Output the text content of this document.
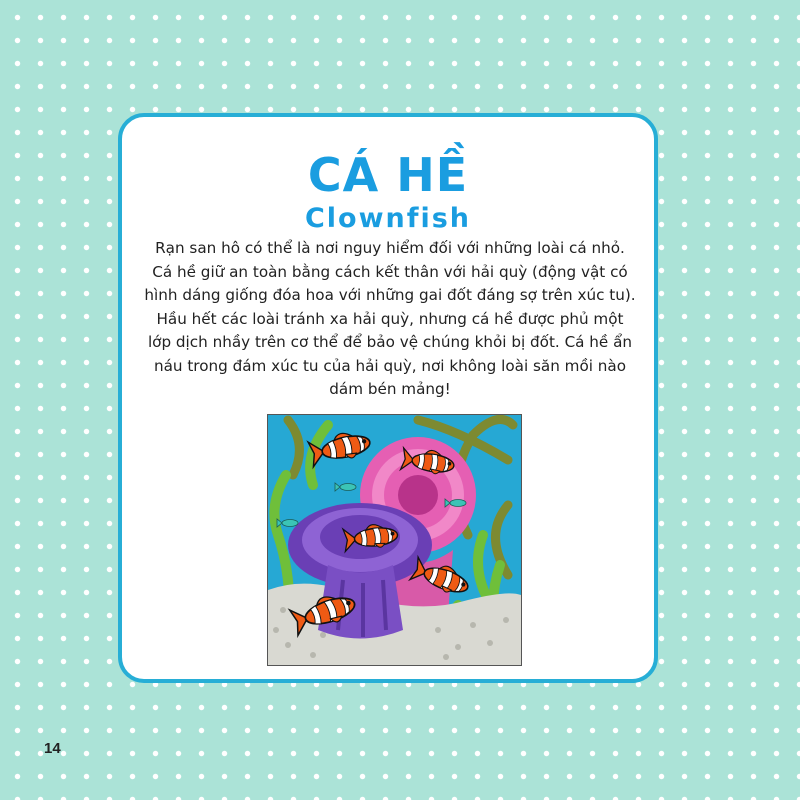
CÁ HỀ
Clownfish

Rạn san hô có thể là nơi nguy hiểm đối với những loài cá nhỏ. Cá hề giữ an toàn bằng cách kết thân với hải quỳ (động vật có hình dáng giống đóa hoa với những gai đốt đáng sợ trên xúc tu). Hầu hết các loài tránh xa hải quỳ, nhưng cá hề được phủ một lớp dịch nhầy trên cơ thể để bảo vệ chúng khỏi bị đốt. Cá hề ẩn náu trong đám xúc tu của hải quỳ, nơi không loài săn mồi nào dám bén mảng!

14
